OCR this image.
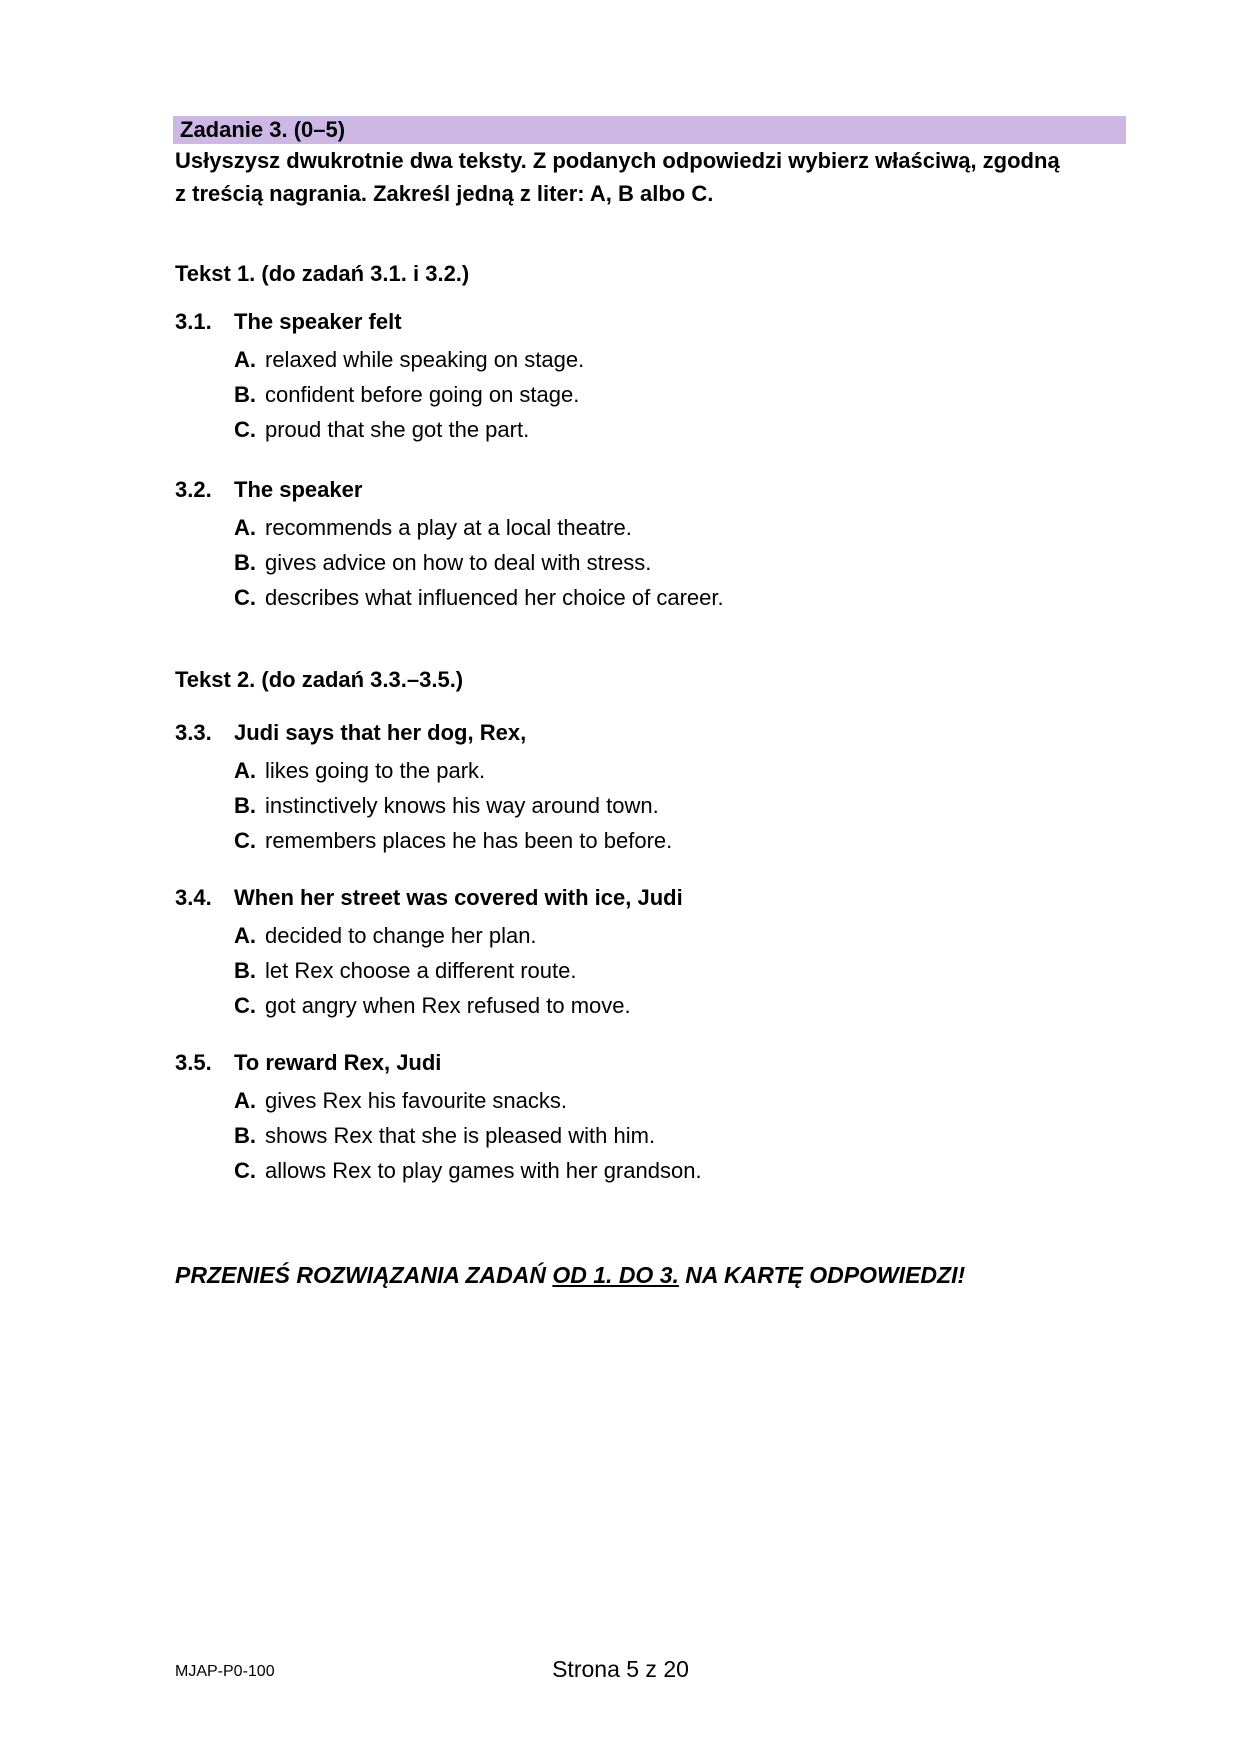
Zadanie 3. (0–5)
Usłyszysz dwukrotnie dwa teksty. Z podanych odpowiedzi wybierz właściwą, zgodną
z treścią nagrania. Zakreśl jedną z liter: A, B albo C.
Tekst 1. (do zadań 3.1. i 3.2.)
3.1.	The speaker felt
A. relaxed while speaking on stage.
B. confident before going on stage.
C. proud that she got the part.
3.2.	The speaker
A. recommends a play at a local theatre.
B. gives advice on how to deal with stress.
C. describes what influenced her choice of career.
Tekst 2. (do zadań 3.3.–3.5.)
3.3.	Judi says that her dog, Rex,
A. likes going to the park.
B. instinctively knows his way around town.
C. remembers places he has been to before.
3.4.	When her street was covered with ice, Judi
A. decided to change her plan.
B. let Rex choose a different route.
C. got angry when Rex refused to move.
3.5.	To reward Rex, Judi
A. gives Rex his favourite snacks.
B. shows Rex that she is pleased with him.
C. allows Rex to play games with her grandson.
PRZENIEŚ ROZWIĄZANIA ZADAŃ OD 1. DO 3. NA KARTĘ ODPOWIEDZI!
MJAP-P0-100	Strona 5 z 20
